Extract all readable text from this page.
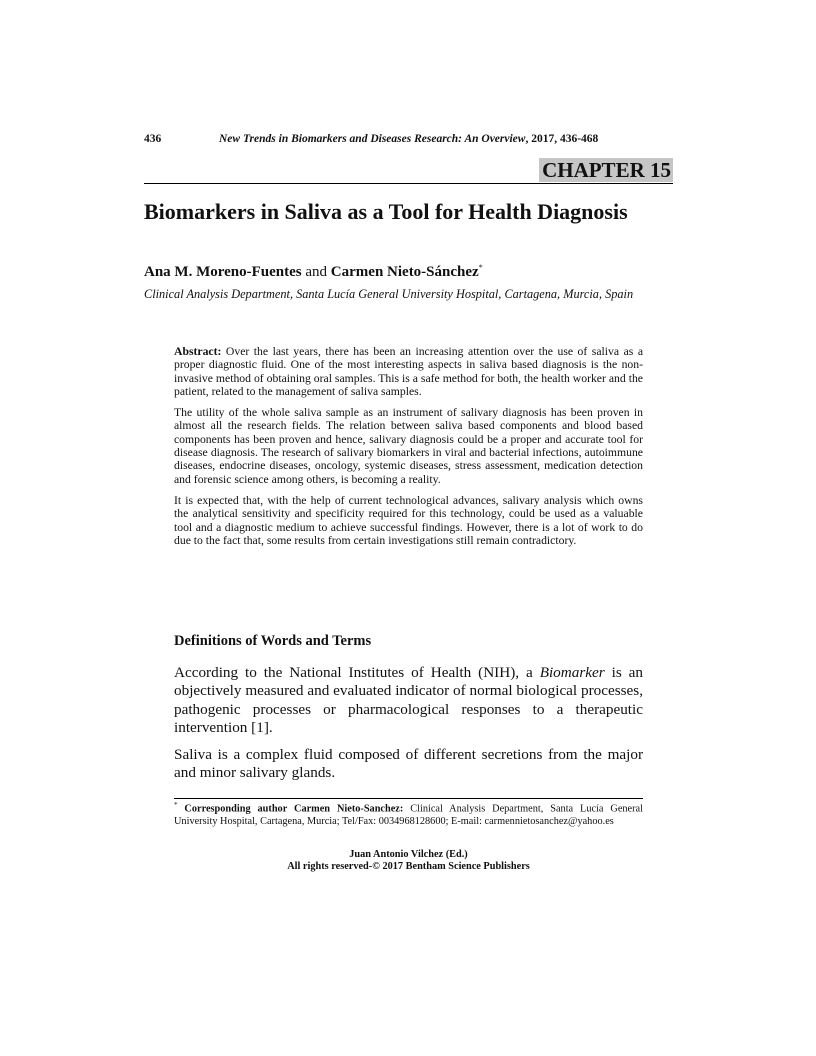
436	New Trends in Biomarkers and Diseases Research: An Overview, 2017, 436-468
CHAPTER 15
Biomarkers in Saliva as a Tool for Health Diagnosis
Ana M. Moreno-Fuentes and Carmen Nieto-Sánchez*
Clinical Analysis Department, Santa Lucía General University Hospital, Cartagena, Murcia, Spain

Abstract: Over the last years, there has been an increasing attention over the use of saliva as a proper diagnostic fluid. One of the most interesting aspects in saliva based diagnosis is the non-invasive method of obtaining oral samples. This is a safe method for both, the health worker and the patient, related to the management of saliva samples.

The utility of the whole saliva sample as an instrument of salivary diagnosis has been proven in almost all the research fields. The relation between saliva based components and blood based components has been proven and hence, salivary diagnosis could be a proper and accurate tool for disease diagnosis. The research of salivary biomarkers in viral and bacterial infections, autoimmune diseases, endocrine diseases, oncology, systemic diseases, stress assessment, medication detection and forensic science among others, is becoming a reality.

It is expected that, with the help of current technological advances, salivary analysis which owns the analytical sensitivity and specificity required for this technology, could be used as a valuable tool and a diagnostic medium to achieve successful findings. However, there is a lot of work to do due to the fact that, some results from certain investigations still remain contradictory.

Definitions of Words and Terms

According to the National Institutes of Health (NIH), a Biomarker is an objectively measured and evaluated indicator of normal biological processes, pathogenic processes or pharmacological responses to a therapeutic intervention [1].

Saliva is a complex fluid composed of different secretions from the major and minor salivary glands.

* Corresponding author Carmen Nieto-Sanchez: Clinical Analysis Department, Santa Lucía General University Hospital, Cartagena, Murcia; Tel/Fax: 0034968128600; E-mail: carmennietosanchez@yahoo.es
Juan Antonio Vilchez (Ed.)
All rights reserved-© 2017 Bentham Science Publishers
